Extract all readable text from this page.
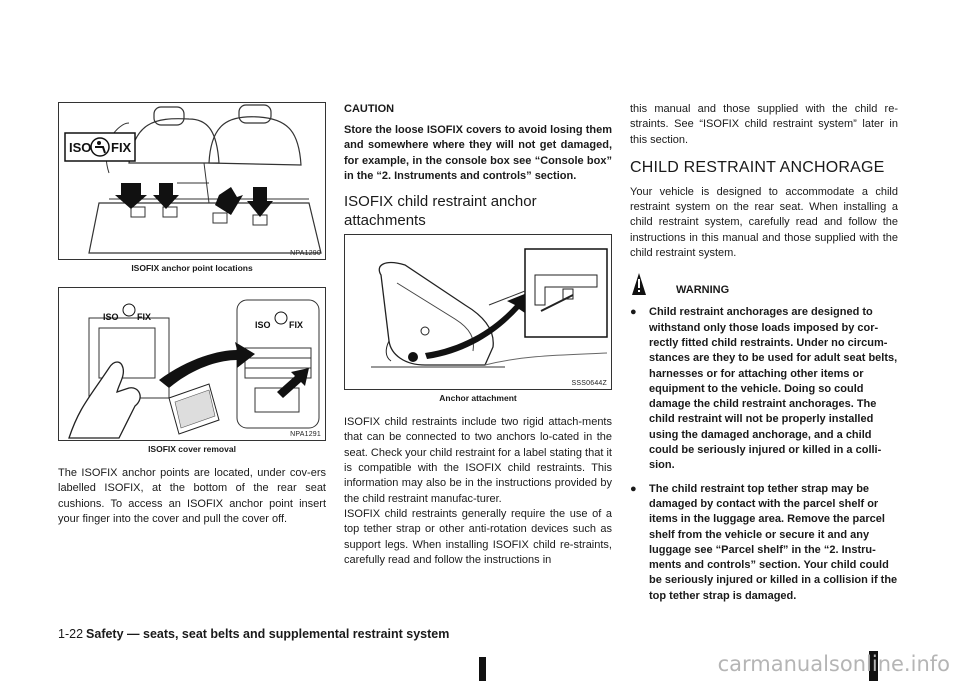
ISO FIX
NPA1290
ISOFIX anchor point locations
ISO FIX
ISO FIX
NPA1291
ISOFIX cover removal

The ISOFIX anchor points are located, under cov-ers labelled ISOFIX, at the bottom of the rear seat cushions. To access an ISOFIX anchor point insert your finger into the cover and pull the cover off.

CAUTION

Store the loose ISOFIX covers to avoid losing them and somewhere where they will not get damaged, for example, in the console box see “Console box” in the “2. Instruments and controls” section.

ISOFIX child restraint anchor attachments
SSS0644Z
Anchor attachment

ISOFIX child restraints include two rigid attach-ments that can be connected to two anchors lo-cated in the seat. Check your child restraint for a label stating that it is compatible with the ISOFIX child restraints. This information may also be in the instructions provided by the child restraint manufac-turer.

ISOFIX child restraints generally require the use of a top tether strap or other anti-rotation devices such as support legs. When installing ISOFIX child re-straints, carefully read and follow the instructions in

this manual and those supplied with the child re-straints. See “ISOFIX child restraint system” later in this section.

CHILD RESTRAINT ANCHORAGE

Your vehicle is designed to accommodate a child restraint system on the rear seat. When installing a child restraint system, carefully read and follow the instructions in this manual and those supplied with the child restraint system.

WARNING
● Child restraint anchorages are designed to withstand only those loads imposed by cor-rectly fitted child restraints. Under no circum-stances are they to be used for adult seat belts, harnesses or for attaching other items or equipment to the vehicle. Doing so could damage the child restraint anchorages. The child restraint will not be properly installed using the damaged anchorage, and a child could be seriously injured or killed in a colli-sion.
● The child restraint top tether strap may be damaged by contact with the parcel shelf or items in the luggage area. Remove the parcel shelf from the vehicle or secure it and any luggage see “Parcel shelf” in the “2. Instru-ments and controls” section. Your child could be seriously injured or killed in a collision if the top tether strap is damaged.
1-22 Safety — seats, seat belts and supplemental restraint system
carmanualsonline.info
